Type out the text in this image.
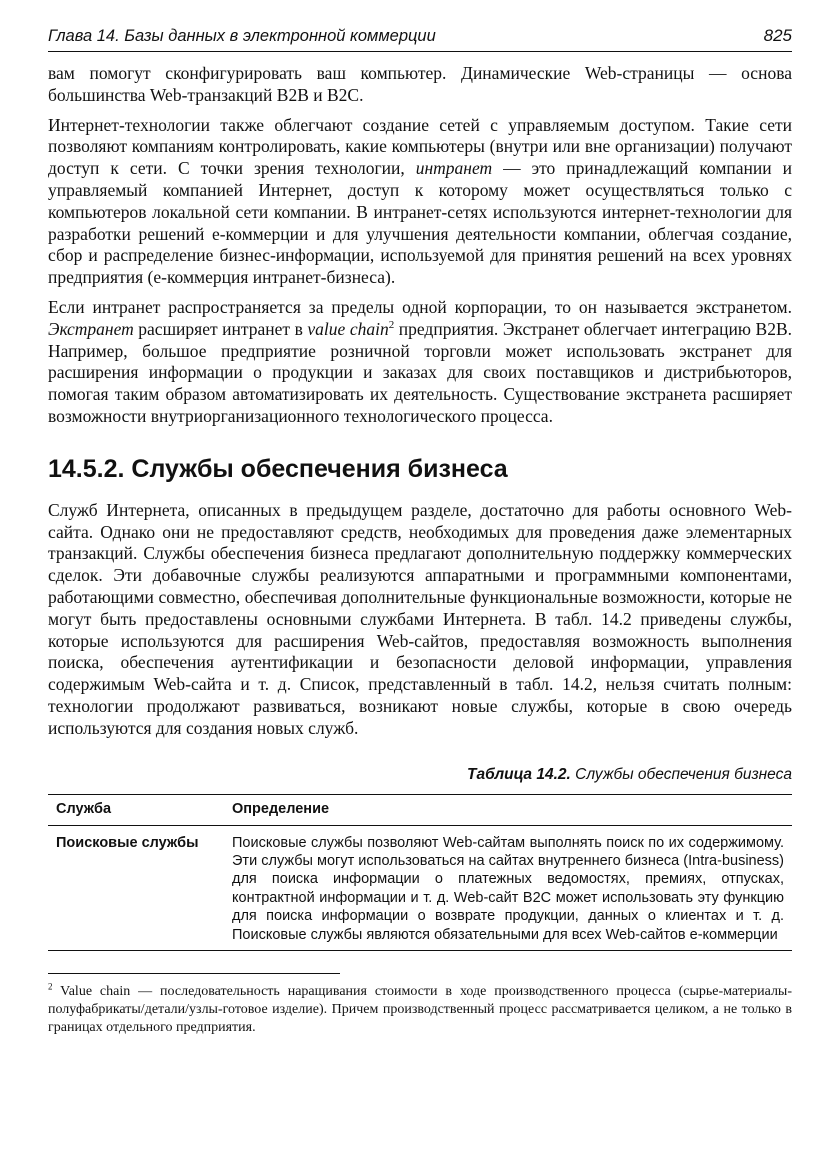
Глава 14. Базы данных в электронной коммерции	825

вам помогут сконфигурировать ваш компьютер. Динамические Web-страницы — основа большинства Web-транзакций B2B и B2C.

Интернет-технологии также облегчают создание сетей с управляемым доступом. Такие сети позволяют компаниям контролировать, какие компьютеры (внутри или вне организации) получают доступ к сети. С точки зрения технологии, интранет — это принадлежащий компании и управляемый компанией Интернет, доступ к которому может осуществляться только с компьютеров локальной сети компании. В интранет-сетях используются интернет-технологии для разработки решений е-коммерции и для улучшения деятельности компании, облегчая создание, сбор и распределение бизнес-информации, используемой для принятия решений на всех уровнях предприятия (е-коммерция интранет-бизнеса).

Если интранет распространяется за пределы одной корпорации, то он называется экстранетом. Экстранет расширяет интранет в value chain$^2$ предприятия. Экстранет облегчает интеграцию B2B. Например, большое предприятие розничной торговли может использовать экстранет для расширения информации о продукции и заказах для своих поставщиков и дистрибьюторов, помогая таким образом автоматизировать их деятельность. Существование экстранета расширяет возможности внутриорганизационного технологического процесса.

14.5.2. Службы обеспечения бизнеса

Служб Интернета, описанных в предыдущем разделе, достаточно для работы основного Web-сайта. Однако они не предоставляют средств, необходимых для проведения даже элементарных транзакций. Службы обеспечения бизнеса предлагают дополнительную поддержку коммерческих сделок. Эти добавочные службы реализуются аппаратными и программными компонентами, работающими совместно, обеспечивая дополнительные функциональные возможности, которые не могут быть предоставлены основными службами Интернета. В табл. 14.2 приведены службы, которые используются для расширения Web-сайтов, предоставляя возможность выполнения поиска, обеспечения аутентификации и безопасности деловой информации, управления содержимым Web-сайта и т. д. Список, представленный в табл. 14.2, нельзя считать полным: технологии продолжают развиваться, возникают новые службы, которые в свою очередь используются для создания новых служб.

Таблица 14.2. Службы обеспечения бизнеса
Служба	Определение
Поисковые службы	Поисковые службы позволяют Web-сайтам выполнять поиск по их содержимому. Эти службы могут использоваться на сайтах внутреннего бизнеса (Intra-business) для поиска информации о платежных ведомостях, премиях, отпусках, контрактной информации и т. д. Web-сайт B2C может использовать эту функцию для поиска информации о возврате продукции, данных о клиентах и т. д. Поисковые службы являются обязательными для всех Web-сайтов е-коммерции

$^2$ Value chain — последовательность наращивания стоимости в ходе производственного процесса (сырье-материалы-полуфабрикаты/детали/узлы-готовое изделие). Причем производственный процесс рассматривается целиком, а не только в границах отдельного предприятия.
